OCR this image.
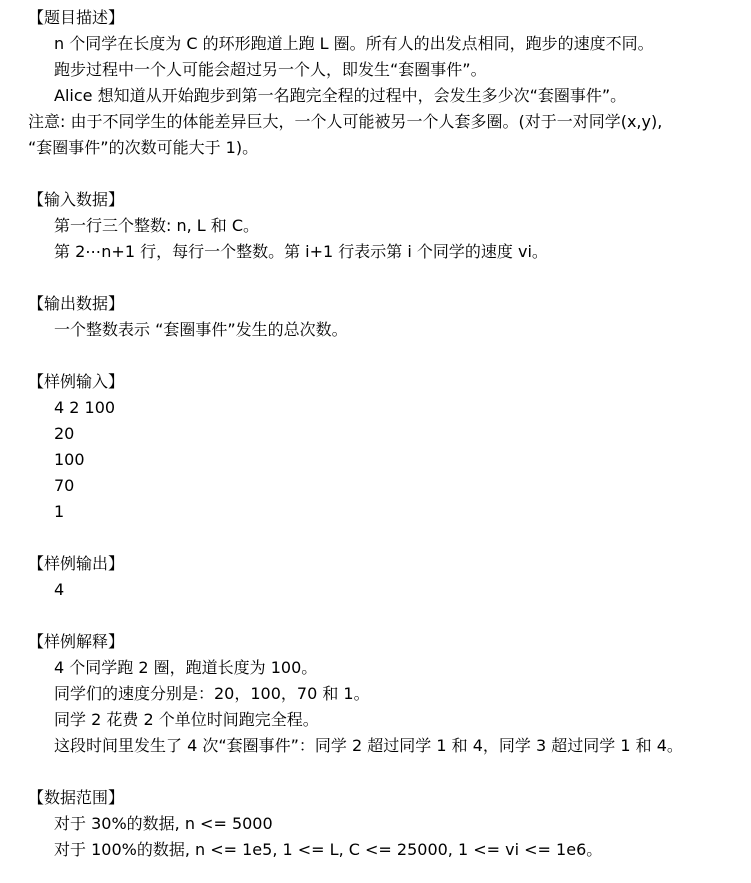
【题目描述】
n 个同学在长度为 C 的环形跑道上跑 L 圈。所有人的出发点相同，跑步的速度不同。
跑步过程中一个人可能会超过另一个人，即发生“套圈事件”。
Alice 想知道从开始跑步到第一名跑完全程的过程中，会发生多少次“套圈事件”。
注意: 由于不同学生的体能差异巨大，一个人可能被另一个人套多圈。(对于一对同学(x,y),
“套圈事件”的次数可能大于 1)。
【输入数据】
第一行三个整数: n, L 和 C。
第 2⋯n+1 行，每行一个整数。第 i+1 行表示第 i 个同学的速度 vi。
【输出数据】
一个整数表示 “套圈事件”发生的总次数。
【样例输入】
4 2 100
20
100
70
1
【样例输出】
4
【样例解释】
4 个同学跑 2 圈，跑道长度为 100。
同学们的速度分别是：20，100，70 和 1。
同学 2 花费 2 个单位时间跑完全程。
这段时间里发生了 4 次“套圈事件”：同学 2 超过同学 1 和 4，同学 3 超过同学 1 和 4。
【数据范围】
对于 30%的数据, n <= 5000
对于 100%的数据, n <= 1e5, 1 <= L, C <= 25000, 1 <= vi <= 1e6。
